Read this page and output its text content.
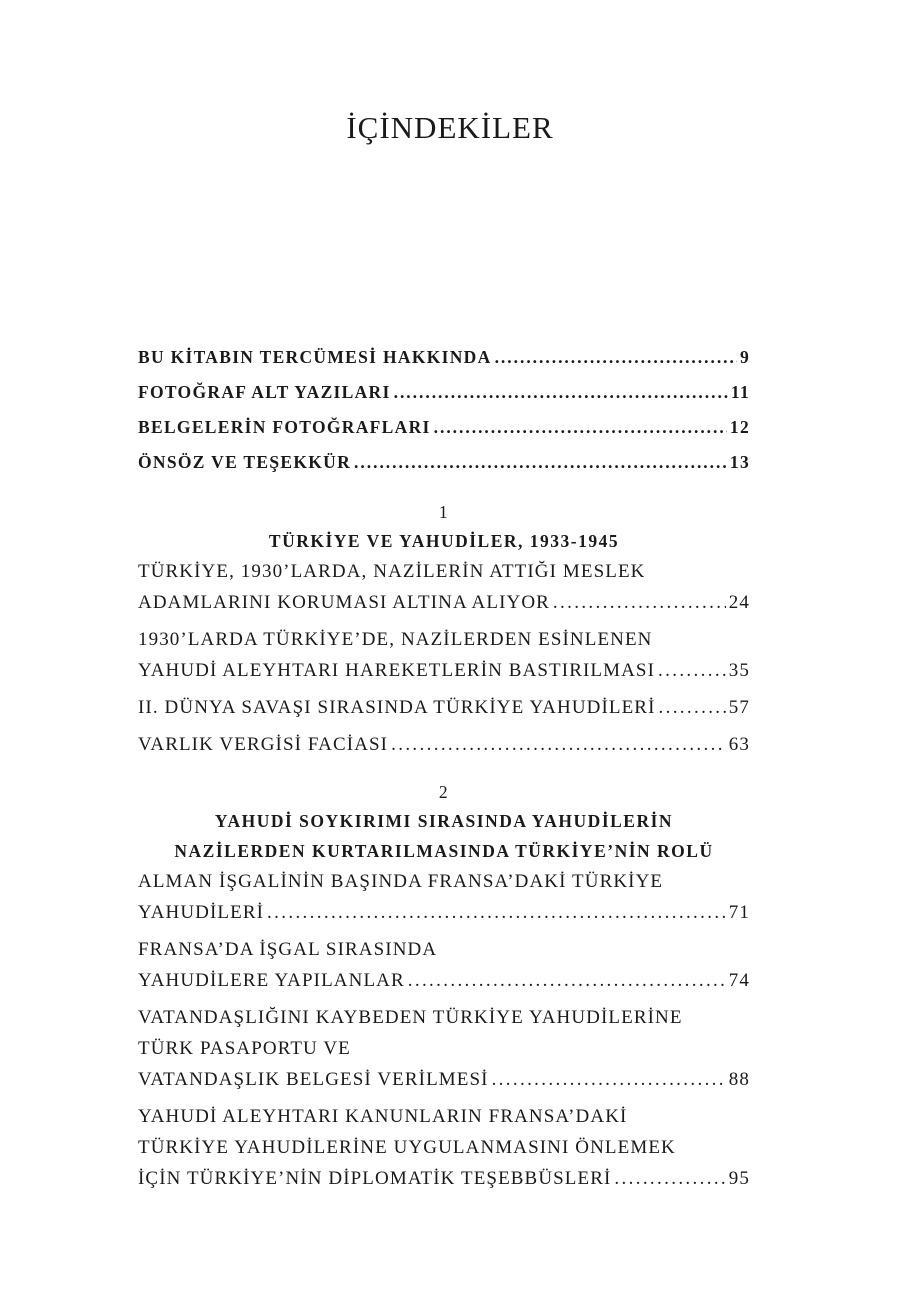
İÇİNDEKİLER
BU KİTABIN TERCÜMESİ HAKKINDA . . .	9
FOTOĞRAF ALT YAZILARI . . .	11
BELGELERİN FOTOĞRAFLARI . . .	12
ÖNSÖZ VE TEŞEKKÜR . . .	13
1
TÜRKİYE VE YAHUDİLER, 1933-1945
TÜRKİYE, 1930’LARDA, NAZİLERİN ATTIĞI MESLEK
ADAMLARINI KORUMASI ALTINA ALIYOR . . .	24
1930’LARDA TÜRKİYE’DE, NAZİLERDEN ESİNLENEN
YAHUDİ ALEYHTARI HAREKETLERİN BASTIRILMASI . . .	35
II. DÜNYA SAVAŞI SIRASINDA TÜRKİYE YAHUDİLERİ . . .	57
VARLIK VERGİSİ FACİASI . . .	63
2
YAHUDİ SOYKIRIMI SIRASINDA YAHUDİLERİN
NAZİLERDEN KURTARILMASINDA TÜRKİYE’NİN ROLÜ
ALMAN İŞGALİNİN BAŞINDA FRANSA’DAKİ TÜRKİYE
YAHUDİLERİ . . .	71
FRANSA’DA İŞGAL SIRASINDA
YAHUDİLERE YAPILANLAR . . .	74
VATANDAŞLIĞINI KAYBEDEN TÜRKİYE YAHUDİLERİNE
TÜRK PASAPORTU VE
VATANDAŞLIK BELGESİ VERİLMESİ . . .	88
YAHUDİ ALEYHTARI KANUNLARIN FRANSA’DAKİ
TÜRKİYE YAHUDİLERİNE UYGULANMASINI ÖNLEMEK
İÇİN TÜRKİYE’NİN DİPLOMATİK TEŞEBBÜSLERİ . . .	95
